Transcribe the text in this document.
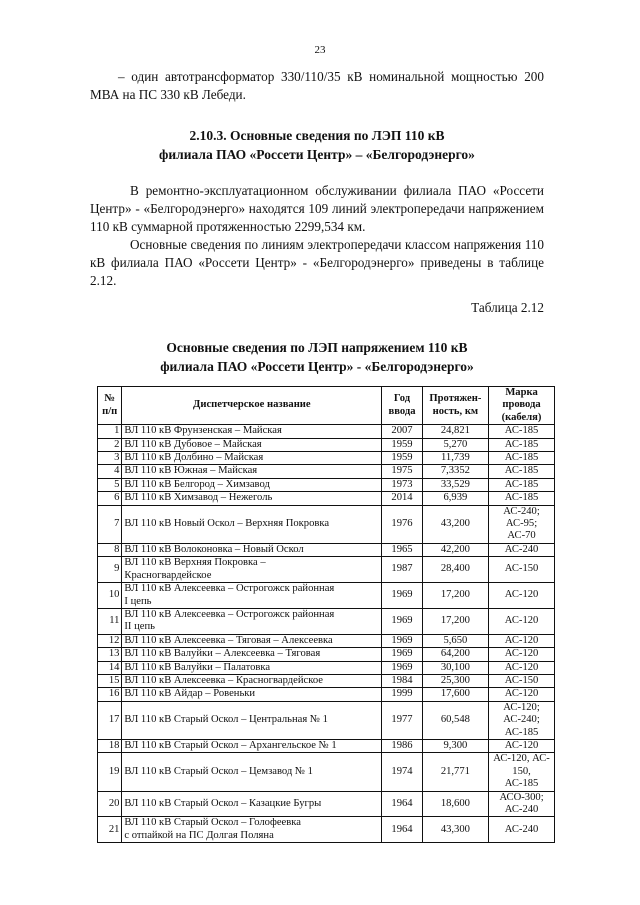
23
– один автотрансформатор 330/110/35 кВ номинальной мощностью 200 МВА на ПС 330 кВ Лебеди.
2.10.3. Основные сведения по ЛЭП 110 кВ
филиала ПАО «Россети Центр» – «Белгородэнерго»
В ремонтно-эксплуатационном обслуживании филиала ПАО «Россети Центр» - «Белгородэнерго» находятся 109 линий электропередачи напряжением 110 кВ суммарной протяженностью 2299,534 км.
Основные сведения по линиям электропередачи классом напряжения 110 кВ филиала ПАО «Россети Центр» - «Белгородэнерго» приведены в таблице 2.12.
Таблица 2.12
Основные сведения по ЛЭП напряжением 110 кВ
филиала ПАО «Россети Центр» - «Белгородэнерго»
№ п/п	Диспетчерское название	Год ввода	Протяжен-ность, км	Марка провода (кабеля)
1	ВЛ 110 кВ Фрунзенская – Майская	2007	24,821	АС-185
2	ВЛ 110 кВ Дубовое – Майская	1959	5,270	АС-185
3	ВЛ 110 кВ Долбино – Майская	1959	11,739	АС-185
4	ВЛ 110 кВ Южная – Майская	1975	7,3352	АС-185
5	ВЛ 110 кВ Белгород – Химзавод	1973	33,529	АС-185
6	ВЛ 110 кВ Химзавод – Нежеголь	2014	6,939	АС-185
7	ВЛ 110 кВ Новый Оскол – Верхняя Покровка	1976	43,200	АС-240; АС-95;
АС-70
8	ВЛ 110 кВ Волоконовка – Новый Оскол	1965	42,200	АС-240
9	ВЛ 110 кВ Верхняя Покровка –
Красногвардейское	1987	28,400	АС-150
10	ВЛ 110 кВ Алексеевка – Острогожск районная
I цепь	1969	17,200	АС-120
11	ВЛ 110 кВ Алексеевка – Острогожск районная
II цепь	1969	17,200	АС-120
12	ВЛ 110 кВ Алексеевка – Тяговая – Алексеевка	1969	5,650	АС-120
13	ВЛ 110 кВ Валуйки – Алексеевка – Тяговая	1969	64,200	АС-120
14	ВЛ 110 кВ Валуйки – Палатовка	1969	30,100	АС-120
15	ВЛ 110 кВ Алексеевка – Красногвардейское	1984	25,300	АС-150
16	ВЛ 110 кВ Айдар – Ровеньки	1999	17,600	АС-120
17	ВЛ 110 кВ Старый Оскол – Центральная № 1	1977	60,548	АС-120;
АС-240; АС-185
18	ВЛ 110 кВ Старый Оскол – Архангельское № 1	1986	9,300	АС-120
19	ВЛ 110 кВ Старый Оскол – Цемзавод № 1	1974	21,771	АС-120, АС-
150,
АС-185
20	ВЛ 110 кВ Старый Оскол – Казацкие Бугры	1964	18,600	АСО-300;
АС-240
21	ВЛ 110 кВ Старый Оскол – Голофеевка
с отпайкой на ПС Долгая Поляна	1964	43,300	АС-240
